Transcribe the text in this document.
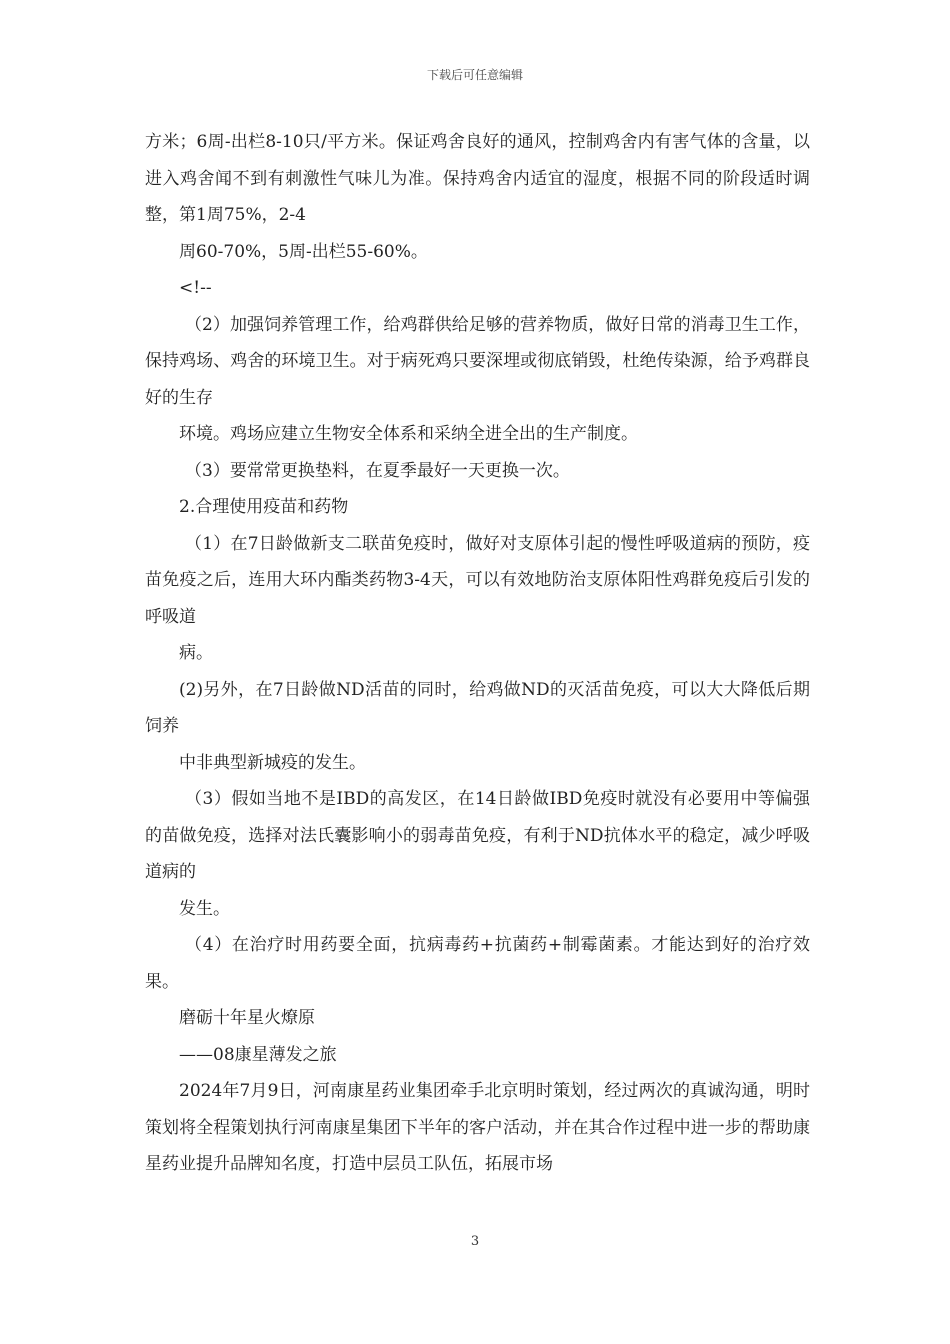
下载后可任意编辑

方米；6周-出栏8-10只/平方米。保证鸡舍良好的通风，控制鸡舍内有害气体的含量，以进入鸡舍闻不到有刺激性气味儿为准。保持鸡舍内适宜的湿度，根据不同的阶段适时调整，第1周75%，2-4

周60-70%，5周-出栏55-60%。

<!--

（2）加强饲养管理工作，给鸡群供给足够的营养物质，做好日常的消毒卫生工作，保持鸡场、鸡舍的环境卫生。对于病死鸡只要深埋或彻底销毁，杜绝传染源，给予鸡群良好的生存

环境。鸡场应建立生物安全体系和采纳全进全出的生产制度。

（3）要常常更换垫料，在夏季最好一天更换一次。

2.合理使用疫苗和药物

（1）在7日龄做新支二联苗免疫时，做好对支原体引起的慢性呼吸道病的预防，疫苗免疫之后，连用大环内酯类药物3-4天，可以有效地防治支原体阳性鸡群免疫后引发的呼吸道

病。

(2)另外，在7日龄做ND活苗的同时，给鸡做ND的灭活苗免疫，可以大大降低后期饲养

中非典型新城疫的发生。

（3）假如当地不是IBD的高发区，在14日龄做IBD免疫时就没有必要用中等偏强的苗做免疫，选择对法氏囊影响小的弱毒苗免疫，有利于ND抗体水平的稳定，减少呼吸道病的

发生。

（4）在治疗时用药要全面，抗病毒药+抗菌药+制霉菌素。才能达到好的治疗效果。

磨砺十年星火燎原

——08康星薄发之旅

2024年7月9日，河南康星药业集团牵手北京明时策划，经过两次的真诚沟通，明时策划将全程策划执行河南康星集团下半年的客户活动，并在其合作过程中进一步的帮助康星药业提升品牌知名度，打造中层员工队伍，拓展市场

3
